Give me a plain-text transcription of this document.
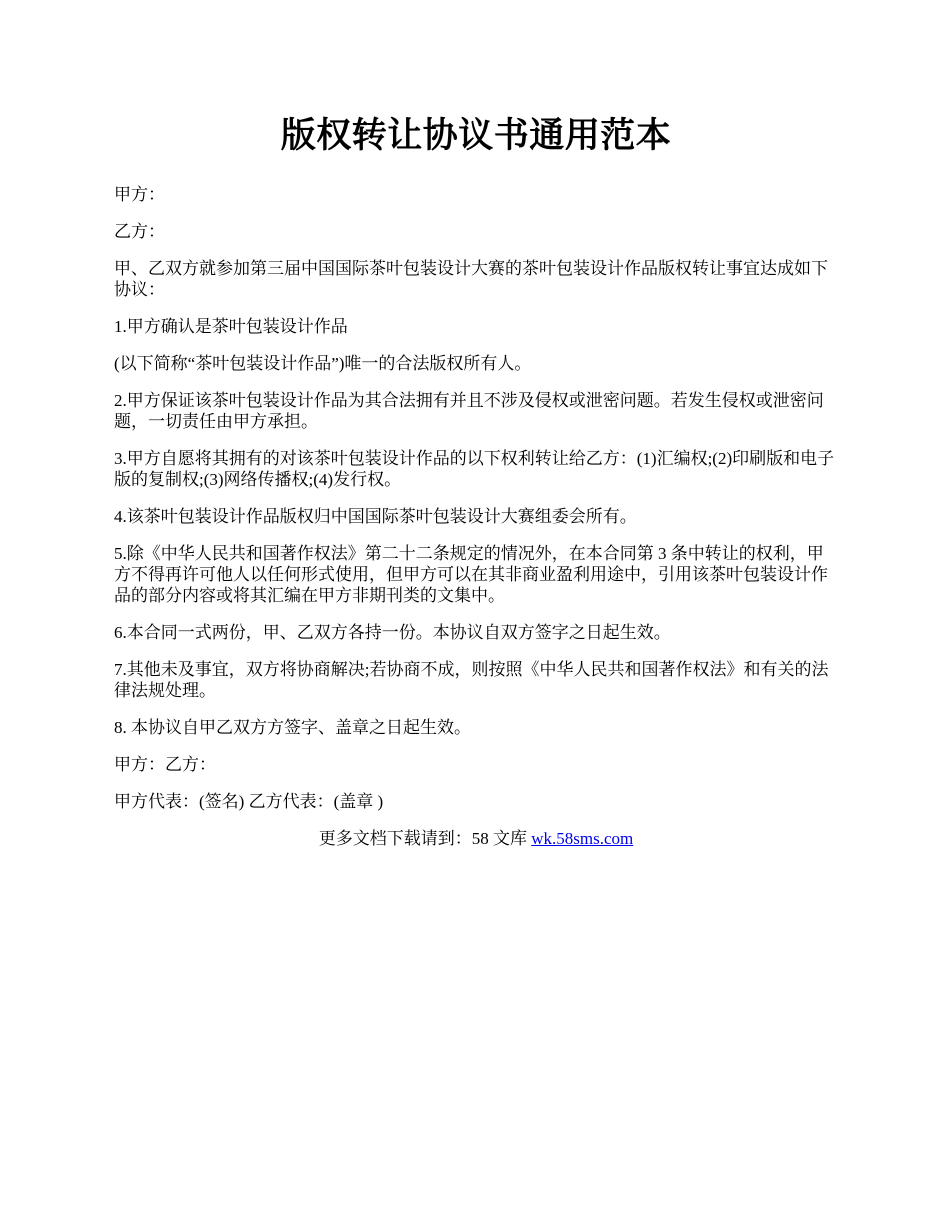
版权转让协议书通用范本

甲方：

乙方：

甲、乙双方就参加第三届中国国际茶叶包装设计大赛的茶叶包装设计作品版权转让事宜达成如下协议：

1.甲方确认是茶叶包装设计作品

(以下简称“茶叶包装设计作品”)唯一的合法版权所有人。

2.甲方保证该茶叶包装设计作品为其合法拥有并且不涉及侵权或泄密问题。若发生侵权或泄密问题，一切责任由甲方承担。

3.甲方自愿将其拥有的对该茶叶包装设计作品的以下权利转让给乙方：(1)汇编权;(2)印刷版和电子版的复制权;(3)网络传播权;(4)发行权。

4.该茶叶包装设计作品版权归中国国际茶叶包装设计大赛组委会所有。

5.除《中华人民共和国著作权法》第二十二条规定的情况外，在本合同第 3 条中转让的权利，甲方不得再许可他人以任何形式使用，但甲方可以在其非商业盈利用途中，引用该茶叶包装设计作品的部分内容或将其汇编在甲方非期刊类的文集中。

6.本合同一式两份，甲、乙双方各持一份。本协议自双方签字之日起生效。

7.其他未及事宜，双方将协商解决;若协商不成，则按照《中华人民共和国著作权法》和有关的法律法规处理。

8. 本协议自甲乙双方方签字、盖章之日起生效。

甲方：乙方：

甲方代表：(签名) 乙方代表：(盖章 )

更多文档下载请到：58 文库 wk.58sms.com
